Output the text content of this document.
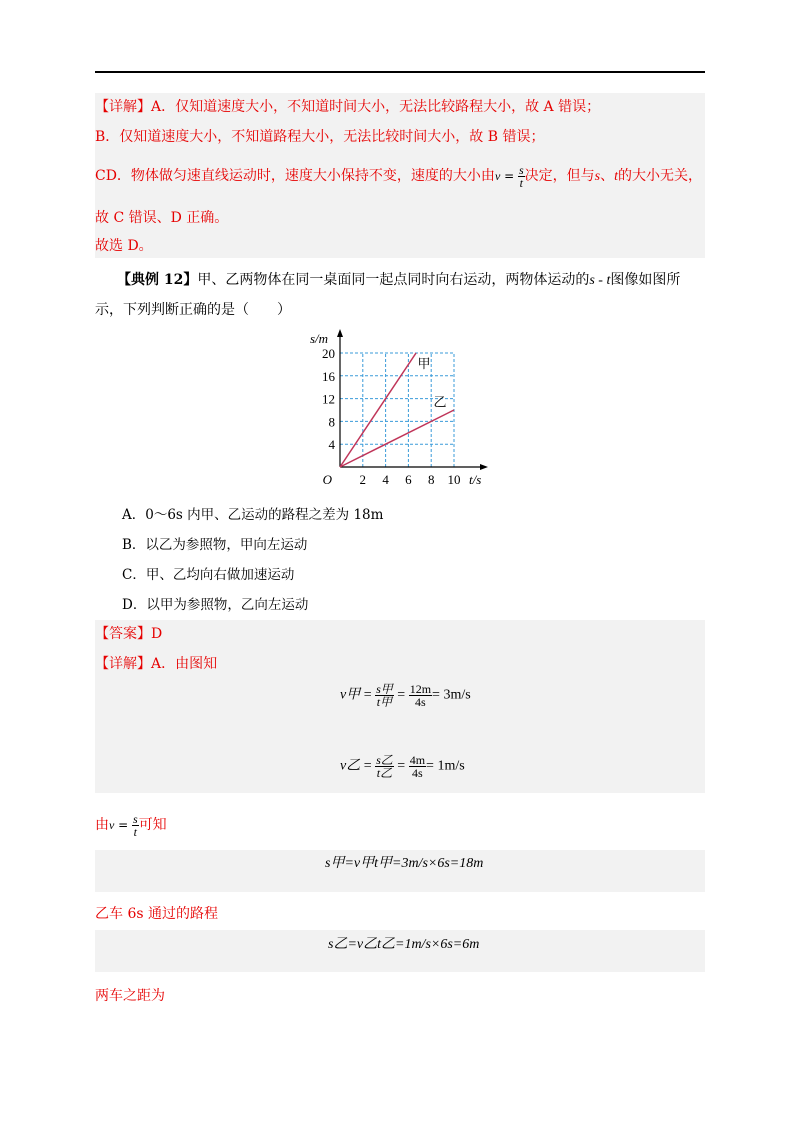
【详解】A．仅知道速度大小，不知道时间大小，无法比较路程大小，故 A 错误；
B．仅知道速度大小，不知道路程大小，无法比较时间大小，故 B 错误；
CD．物体做匀速直线运动时，速度大小保持不变，速度的大小由$v = \frac{s}{t}$ 决定，但与s、t的大小无关，
故 C 错误、D 正确。
故选 D。
【典例 12】甲、乙两物体在同一桌面同一起点同时向右运动，两物体运动的s - t图像如图所
示，下列判断正确的是（　　）
2 4 6 8 10
4
8
12
16
20
O
s/m
t/s
甲
乙
A．0～6s 内甲、乙运动的路程之差为 18m
B．以乙为参照物，甲向左运动
C．甲、乙均向右做加速运动
D．以甲为参照物，乙向左运动
【答案】D
【详解】A．由图知
v甲 = $\frac{\text{s甲}}{\text{t甲}} = \frac{12m}{4s} = 3m/s$
v乙 = $\frac{\text{s乙}}{\text{t乙}} = \frac{4m}{4s} = 1m/s$
由$v = \frac{s}{t}$ 可知
s甲=v甲t甲=3m/s×6s=18m
乙车 6s 通过的路程
s乙=v乙t乙=1m/s×6s=6m
两车之距为
